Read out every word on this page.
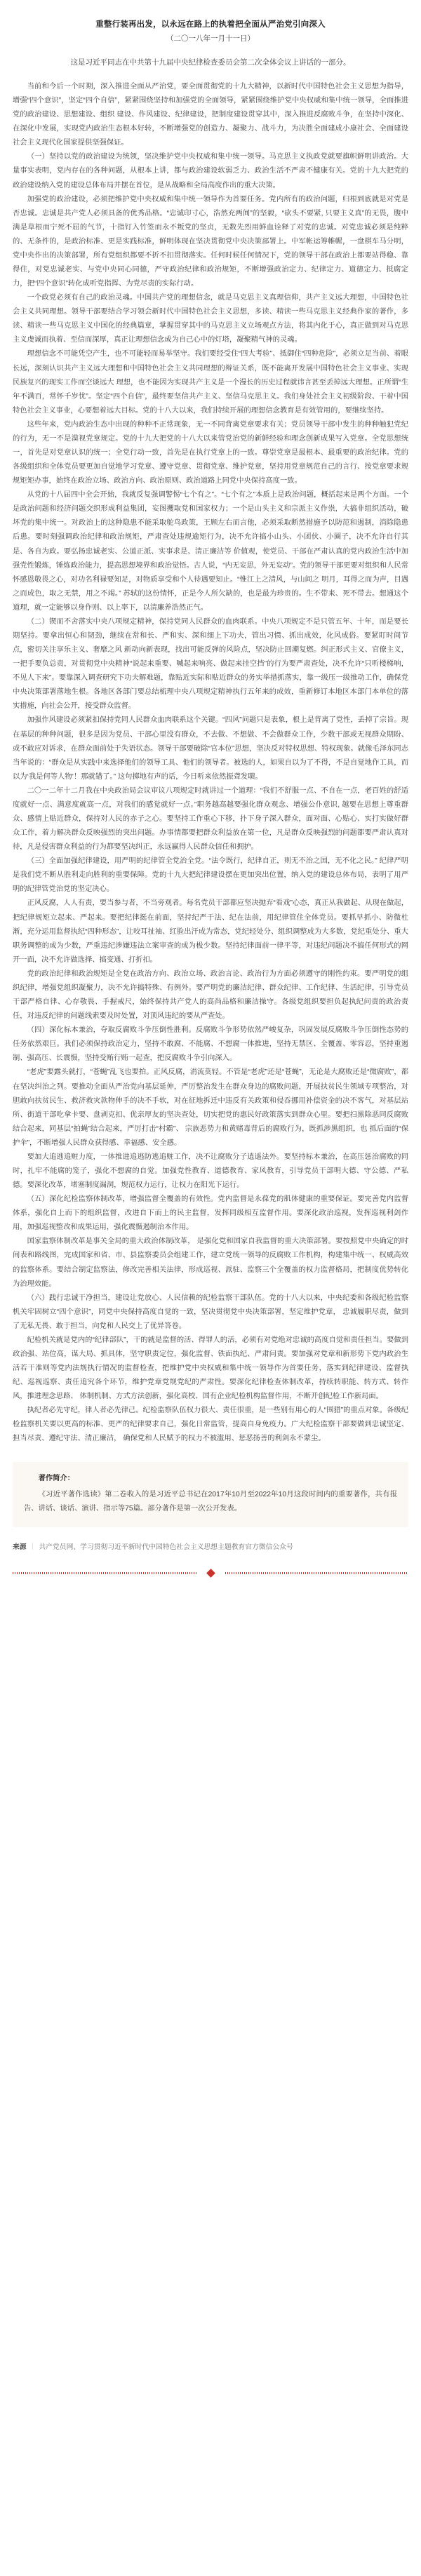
重整行装再出发，以永远在路上的执着把全面从严治党引向深入
（二〇一八年一月十一日）
这是习近平同志在中共第十九届中央纪律检查委员会第二次全体会议上讲话的一部分。

当前和今后一个时期，深入推进全面从严治党，要全面贯彻党的十九大精神，以新时代中国特色社会主义思想为指导，增强“四个意识”，坚定“四个自信”，紧紧围绕坚持和加强党的全面领导，紧紧围绕维护党中央权威和集中统一领导，全面推进党的政治建设、思想建设、组织 建设、作风建设、纪律建设，把制度建设贯穿其中，深入推进反腐败斗争，在坚持中深化、在深化中发展，实现党内政治生态根本好转，不断增强党的创造力、凝聚力、战斗力，为决胜全面建成小康社会、全面建设社会主义现代化国家提供坚强保证。

（一）坚持以党的政治建设为统领，坚决维护党中央权威和集中统一领导。马克思主义执政党就要旗帜鲜明讲政治。大量事实表明，党内存在的各种问题，从根本上讲，都与政治建设软弱乏力、政治生活不严肃不健康有关。党的十九大把党的政治建设纳入党的建设总体布局并摆在首位，是从战略和全局高度作出的重大决策。

加强党的政治建设，必须把维护党中央权威和集中统一领导作为首要任务。党内所有的政治问题，归根到底就是对党是否忠诚。忠诚是共产党人必须具备的优秀品格。“忠诚印寸心，浩然充两间”的坚毅，“砍头不要紧, 只要主义真”的无畏，腹中满是草根而宁死不屈的气节，十指钉入竹签而永不叛党的坚贞，无数先烈用鲜血诠释了对党的忠诚。对党忠诚必须是纯粹的、无条件的，是政治标准、更是实践标准，鲜明体现在坚决贯彻党中央决策部署上。中军帐运筹帷幄，一盘棋车马分明，党中央作出的决策部署，所有党组织都要不折不扣贯彻落实。任何时候任何情况下，党的领导干部在政治上都要站得稳、靠得住，对党忠诚老实、与党中央同心同德，严守政治纪律和政治规矩，不断增强政治定力、纪律定力、道德定力、抵腐定力，把“四个意识”转化成听党指挥、为党尽责的实际行动。

一个政党必须有自己的政治灵魂。中国共产党的理想信念，就是马克思主义真理信仰，共产主义远大理想，中国特色社会主义共同理想。领导干部要结合学习领会新时代中国特色社会主义思想，多读、精读一些马克思主义经典作家的著作，多读、精读一些马克思主义中国化的经典篇章，掌握贯穿其中的马克思主义立场观点方法，将其内化于心，真正做到对马克思主义虔诚而执着、至信而深厚，真正让理想信念成为自己心中的灯塔，凝聚精气神的灵魂。

理想信念不可能凭空产生，也不可能轻而易举坚守。我们要经受住“四大考验”、抵御住“四种危险”，必须立足当前、着眼长远，深刻认识共产主义远大理想和中国特色社会主义共同理想的辩证关系，既不能离开发展中国特色社会主义事业、实现民族复兴的现实工作而空谈远大 理想，也不能因为实现共产主义是一个漫长的历史过程就讳言甚至丢掉远大理想。正所谓“生年不满百，常怀千岁忧”。坚定“四个自信”，最终要坚信共产主义、坚信马克思主义。我们身处社会主义初级阶段、干着中国特色社会主义事业，心要想着远大目标。党的十八大以来，我们持续开展的理想信念教育是有效管用的，要继续坚持。

这些年来，党内政治生态中出现的种种不正常现象，无一不同背离党章要求有关；党员领导干部中发生的种种触犯党纪的行为，无一不是漠视党章规定。党的十九大把党的十八大以来管党治党的新鲜经验和理念创新成果写入党章。全党思想统一，首先是对党章认识的统一；全党行动一致，首先是在执行党章上的一致。尊崇党章是最根本、最重要的政治纪律。党的各级组织和全体党员要更加自觉地学习党章、遵守党章、贯彻党章、维护党章，坚持用党章规范自己的言行、按党章要求规规矩矩办事，始终在政治立场、政治方向、政治原则、政治道路上同党中央保持高度一致。

从党的十八届四中全会开始，我就反复强调警惕“七个有之”。“七个有之”本质上是政治问题，概括起来是两个方面。一个是政治问题和经济问题交织形成利益集团，妄图攫取党和国家权力；一个是山头主义和宗派主义作祟，大搞非组织活动，破坏党的集中统一。对政治上的这种隐患不能采取鸵鸟政策，王顾左右而言他，必须采取断然措施予以防范和遏制，消除隐患后患。要时刻强调政治纪律和政治规矩，严肃查处违规逾矩行为，决不允许搞小山头、小团伙、小圈子，决不允许自行其是、各自为政。要弘扬忠诚老实、公道正派、实事求是、清正廉洁等 价值观，使党员、干部在严肃认真的党内政治生活中加强党性锻炼，锤炼政治能力，提高思想境界和政治觉悟。古人说，“内无妄思，外无妄动”。党的领导干部更要对组织和人民常怀感恩敬畏之心，对功名利禄要知足，对物质享受和个人待遇要知止。“惟江上之清风，与山间之 明月，耳得之而为声，目遇之而成色，取之无禁，用之不竭。” 苏轼的这份情怀，正是今人所欠缺的，也是最为珍贵的。生不带来、死不带去。想通这个道理，就一定能够以身作则、以上率下，以清廉养浩然正气。

（二）锲而不舍落实中央八项规定精神，保持党同人民群众的血肉联系。中央八项规定不是只管五年、十年，而是要长期坚持。要拿出恒心和韧劲，继续在常和长、严和实、深和细上下功夫，管出习惯、抓出成效，化风成俗。要紧盯时间节点，密切关注享乐主义、奢靡之风 新动向新表现，找出可能反弹的风险点，坚决防止回潮复燃。纠正形式主义、官僚主义，一把手要负总责，对贯彻党中央精神“说起来重要、喊起来响亮、做起来挂空挡”的行为要严肃查处，决不允许“只听楼梯响，不见人下来”。要靠深入调查研究下功夫解难题，靠贴近实际和贴近群众的务实举措抓落实，靠一级压一级推动工作，确保党中央决策部署落地生根。各地区各部门要总结梳理中央八项规定精神执行五年来的成效，重新修订本地区本部门本单位的落实措施，向社会公开，接受群众监督。

加强作风建设必须紧扣保持党同人民群众血肉联系这个关键。“四风”问题只是表象，根上是背离了党性，丢掉了宗旨。现在基层的种种问题，很多是因为党员、干部心里没有群众，不去做、不想做、不会做群众工作，少数干部或无视群众期盼、或不敢应对诉求，在群众面前处于失语状态。领导干部要破除“官本位”思想，坚决反对特权思想、特权现象。就像毛泽东同志当年说的：“群众是从实践中来选择他们的领导工具、他们的领导者。被选的人，如果自以为了不得，不是自觉地作工具，而以为‘我是何等人物’！那就错了。” 这句掷地有声的话，今日听来依然振聋发聩。

二〇一二年十二月我在中央政治局会议审议八项规定时就讲过一个道理：“我们不舒服一点、不自在一点，老百姓的舒适度就好一点、满意度就高一点，对我们的感觉就好一点。”职务越高越要强化群众观念、增强公仆意识, 越要在思想上尊重群众、感情上贴近群众，保持对人民的赤子之心。要坚持工作重心下移，扑下身子深入群众，面对面、心贴心、实打实做好群众工作，着力解决群众反映强烈的突出问题。办事情都要把群众利益放在第一位，凡是群众反映强烈的问题都要严肃认真对待，凡是侵害群众利益的行为都要坚决纠正，永远赢得人民群众信任和拥护。

（三）全面加强纪律建设，用严明的纪律管全党治全党。“法令既行，纪律自正，则无不治之国，无不化之民。” 纪律严明是我们党不断从胜利走向胜利的重要保障。党的十九大把纪律建设摆在更加突出位置，纳入党的建设总体布局，表明了用严明的纪律管党治党的坚定决心。

正风反腐，人人有责，要当参与者，不当旁观者。每名党员干部都应坚决抛弃“看戏”心态，真正从我做起、从现在做起，把纪律规矩立起来、严起来。要把纪律挺在前面，坚持纪严于法、纪在法前，用纪律管住全体党员。要抓早抓小、防微杜渐，充分运用监督执纪“四种形态”，让咬耳扯袖、红脸出汗成为常态，党纪轻处分、组织调整成为大多数，党纪重处分、重大职务调整的成为少数，严重违纪涉嫌违法立案审查的成为极少数。坚持纪律面前一律平等，对违纪问题决不搞任何形式的网开一面，决不允许做选择、搞变通、打折扣。

党的政治纪律和政治规矩是全党在政治方向、政治立场、政治言论、政治行为方面必须遵守的刚性约束。要严明党的组织纪律，增强党组织凝聚力，决不允许搞特殊、有例外。要严明党的廉洁纪律、群众纪律、工作纪律、生活纪律，引导党员干部严格自律、心存敬畏、手握戒尺，始终保持共产党人的高尚品格和廉洁操守。各级党组织要担负起执纪问责的政治责任，对违反纪律的问题线索要及时处置，对顶风违纪的要从严查处。

（四）深化标本兼治，夺取反腐败斗争压倒性胜利。反腐败斗争形势依然严峻复杂，巩固发展反腐败斗争压倒性态势的任务依然艰巨。我们必须保持政治定力，坚持不敢腐、不能腐、不想腐一体推进，坚持无禁区、全覆盖、零容忍，坚持重遏制、强高压、长震慑，坚持受贿行贿一起查，把反腐败斗争引向深入。

“老虎”要露头就打，“苍蝇”乱飞也要拍。正风反腐，涓流莫轻。不管是“老虎”还是“苍蝇”，无论是大腐败还是“微腐败”，都在坚决纠治之列。要推动全面从严治党向基层延伸，严厉整治发生在群众身边的腐败问题，开展扶贫民生领域专项整治，对胆敢向扶贫民生、救济救灾款物伸手的决不手软，对在征地拆迁中违反有关政策和侵吞挪用补偿资金的决不客气，对基层站所、街道干部吃拿卡要、盘剥克扣、优亲厚友的坚决查处，切实把党的惠民好政策落实到群众心里。要把扫黑除恶同反腐败结合起来，同基层“拍蝇”结合起来，严厉打击“村霸”、 宗族恶势力和黄赌毒背后的腐败行为，既抓涉黑组织，也 抓后面的“保护伞”，不断增强人民群众获得感、幸福感、安全感。

要加大追逃追赃力度，一体推进追逃防逃追赃工作，决不让腐败分子逍遥法外。要坚持标本兼治，在高压惩治腐败的同时，扎牢不能腐的笼子，强化不想腐的自觉。加强党性教育、道德教育、家风教育，引导党员干部明大德、守公德、严私德。要深化改革，堵塞制度漏洞，规范权力运行，让权力在阳光下运行。

（五）深化纪检监察体制改革，增强监督全覆盖的有效性。党内监督是永葆党的肌体健康的重要保证。要完善党内监督体系，强化自上而下的组织监督，改进自下而上的民主监督，发挥同级相互监督作用。要深化政治巡视，发挥巡视利剑作用，加强巡视整改和成果运用，强化震慑遏制治本作用。

国家监察体制改革是事关全局的重大政治体制改革， 是强化党和国家自我监督的重大决策部署。要按照党中央确定的时间表和路线图，完成国家和省、市、县监察委员会组建工作，建立党统一领导的反腐败工作机构，构建集中统一、权威高效的监察体系。要结合制定监察法，修改完善相关法律，形成巡视、派驻、监察三个全覆盖的权力监督格局，把制度优势转化为治理效能。

（六）践行忠诚干净担当，建设让党放心、人民信赖的纪检监察干部队伍。党的十八大以来，中央纪委和各级纪检监察机关牢固树立“四个意识”，同党中央保持高度自觉的一致，坚决贯彻党中央决策部署，坚定维护党章， 忠诚履职尽责，做到了无私无畏、敢于担当，向党和人民交上了优异答卷。

纪检机关就是党内的“纪律部队”，干的就是监督的活、得罪人的活，必须有对党绝对忠诚的高度自觉和责任担当。要做到政治强、站位高，谋大局、抓具体，坚守职责定位，强化监督、铁面执纪、严肃问责。要加强对党章和新形势下党内政治生活若干准则等党内法规执行情况的监督检查，把维护党中央权威和集中统一领导作为首要任务，落实到纪律建设、监督执纪、巡视巡察、责任追究各个环节，维护党章党规党纪的严肃性。要深化纪律检查体制改革，持续转职能、转方式、转作风，推进理念思路、 体制机制、方式方法创新，强化高校、国有企业纪检机构监督作用，不断开创纪检工作新局面。

执纪者必先守纪，律人者必先律己。纪检监察队伍权力很大、责任很重，是一些别有用心的人“围猎”的重点对象。各级纪检监察机关要以更高的标准、更严的纪律要求自己，强化日常监管，提高自身免疫力。广大纪检监察干部要做到忠诚坚定、担当尽责、遵纪守法、清正廉洁， 确保党和人民赋予的权力不被滥用、惩恶扬善的利剑永不蒙尘。

著作简介：

《习近平著作选读》第二卷收入的是习近平总书记在2017年10月至2022年10月这段时间内的重要著作，共有报告、讲话、谈话、演讲、指示等75篇。部分著作是第一次公开发表。

来源 ｜ 共产党员网、学习贯彻习近平新时代中国特色社会主义思想主题教育官方微信公众号
